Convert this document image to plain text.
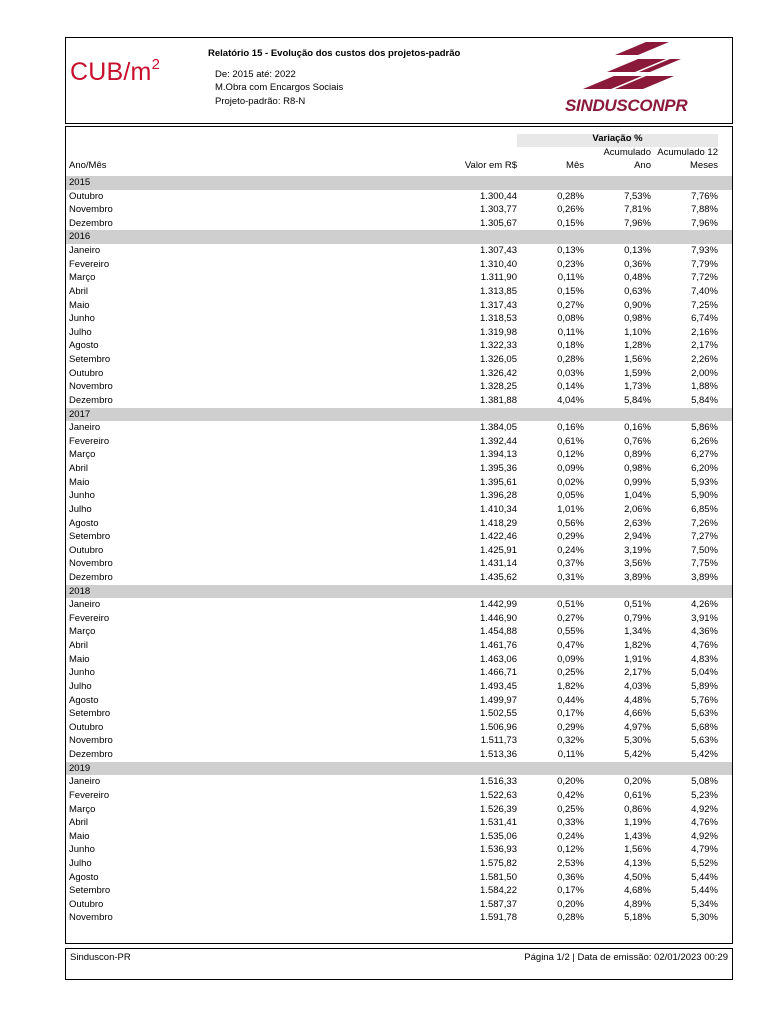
CUB/$m^2$
Relatório 15 - Evolução dos custos dos projetos-padrão
De: 2015 até: 2022
M.Obra com Encargos Sociais
Projeto-padrão: R8-N	SINDUSCONPR
Variação %
Acumulado 12
Acumulado
Ano/Mês	Valor em R$	Mês	Ano	Meses
2015
Outubro	1.300,44	0,28%	7,53%	7,76%
Novembro	1.303,77	0,26%	7,81%	7,88%
Dezembro	1.305,67	0,15%	7,96%	7,96%
2016
Janeiro	1.307,43	0,13%	0,13%	7,93%
Fevereiro	1.310,40	0,23%	0,36%	7,79%
Março	1.311,90	0,11%	0,48%	7,72%
Abril	1.313,85	0,15%	0,63%	7,40%
Maio	1.317,43	0,27%	0,90%	7,25%
Junho	1.318,53	0,08%	0,98%	6,74%
Julho	1.319,98	0,11%	1,10%	2,16%
Agosto	1.322,33	0,18%	1,28%	2,17%
Setembro	1.326,05	0,28%	1,56%	2,26%
Outubro	1.326,42	0,03%	1,59%	2,00%
Novembro	1.328,25	0,14%	1,73%	1,88%
Dezembro	1.381,88	4,04%	5,84%	5,84%
2017
Janeiro	1.384,05	0,16%	0,16%	5,86%
Fevereiro	1.392,44	0,61%	0,76%	6,26%
Março	1.394,13	0,12%	0,89%	6,27%
Abril	1.395,36	0,09%	0,98%	6,20%
Maio	1.395,61	0,02%	0,99%	5,93%
Junho	1.396,28	0,05%	1,04%	5,90%
Julho	1.410,34	1,01%	2,06%	6,85%
Agosto	1.418,29	0,56%	2,63%	7,26%
Setembro	1.422,46	0,29%	2,94%	7,27%
Outubro	1.425,91	0,24%	3,19%	7,50%
Novembro	1.431,14	0,37%	3,56%	7,75%
Dezembro	1.435,62	0,31%	3,89%	3,89%
2018
Janeiro	1.442,99	0,51%	0,51%	4,26%
Fevereiro	1.446,90	0,27%	0,79%	3,91%
Março	1.454,88	0,55%	1,34%	4,36%
Abril	1.461,76	0,47%	1,82%	4,76%
Maio	1.463,06	0,09%	1,91%	4,83%
Junho	1.466,71	0,25%	2,17%	5,04%
Julho	1.493,45	1,82%	4,03%	5,89%
Agosto	1.499,97	0,44%	4,48%	5,76%
Setembro	1.502,55	0,17%	4,66%	5,63%
Outubro	1.506,96	0,29%	4,97%	5,68%
Novembro	1.511,73	0,32%	5,30%	5,63%
Dezembro	1.513,36	0,11%	5,42%	5,42%
2019
Janeiro	1.516,33	0,20%	0,20%	5,08%
Fevereiro	1.522,63	0,42%	0,61%	5,23%
Março	1.526,39	0,25%	0,86%	4,92%
Abril	1.531,41	0,33%	1,19%	4,76%
Maio	1.535,06	0,24%	1,43%	4,92%
Junho	1.536,93	0,12%	1,56%	4,79%
Julho	1.575,82	2,53%	4,13%	5,52%
Agosto	1.581,50	0,36%	4,50%	5,44%
Setembro	1.584,22	0,17%	4,68%	5,44%
Outubro	1.587,37	0,20%	4,89%	5,34%
Novembro	1.591,78	0,28%	5,18%	5,30%
Sinduscon-PR	Página 1/2 | Data de emissão: 02/01/2023 00:29
